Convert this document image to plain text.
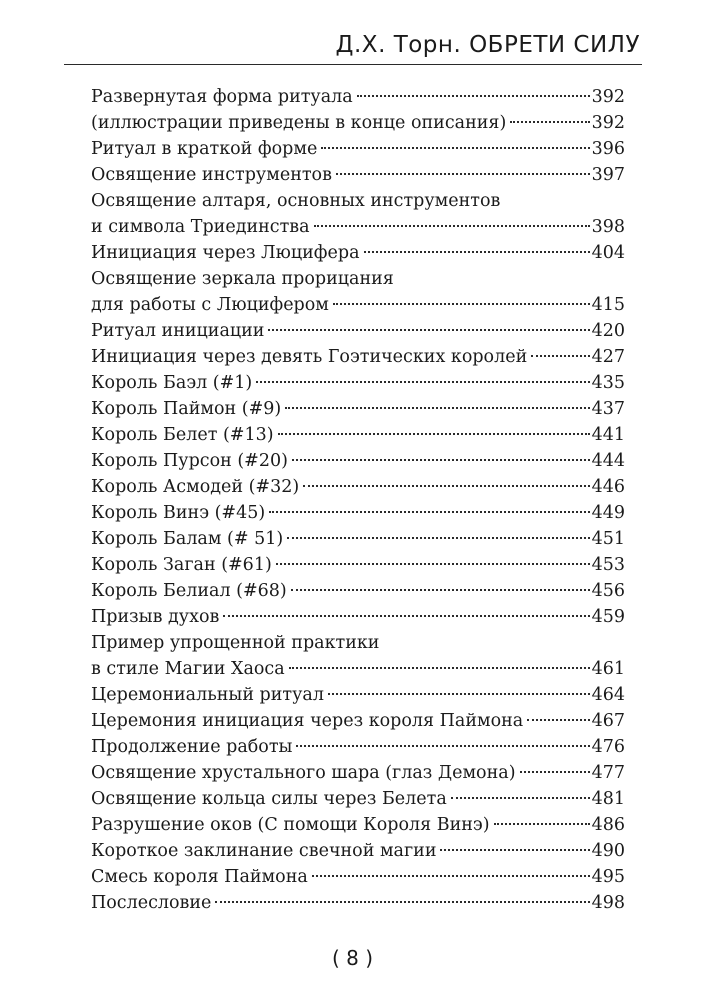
Д.Х. Торн. ОБРЕТИ СИЛУ
Развернутая форма ритуала	392
(иллюстрации приведены в конце описания)	392
Ритуал в краткой форме	396
Освящение инструментов	397
Освящение алтаря, основных инструментов
и символа Триединства	398
Инициация через Люцифера	404
Освящение зеркала прорицания
для работы с Люцифером	415
Ритуал инициации	420
Инициация через девять Гоэтических королей	427
Король Баэл (#1)	435
Король Паймон (#9)	437
Король Белет (#13)	441
Король Пурсон (#20)	444
Король Асмодей (#32)	446
Король Винэ (#45)	449
Король Балам (# 51)	451
Король Заган (#61)	453
Король Белиал (#68)	456
Призыв духов	459
Пример упрощенной практики
в стиле Магии Хаоса	461
Церемониальный ритуал	464
Церемония инициация через короля Паймона	467
Продолжение работы	476
Освящение хрустального шара (глаз Демона)	477
Освящение кольца силы через Белета	481
Разрушение оков (С помощи Короля Винэ)	486
Короткое заклинание свечной магии	490
Смесь короля Паймона	495
Послесловие	498
( 8 )
